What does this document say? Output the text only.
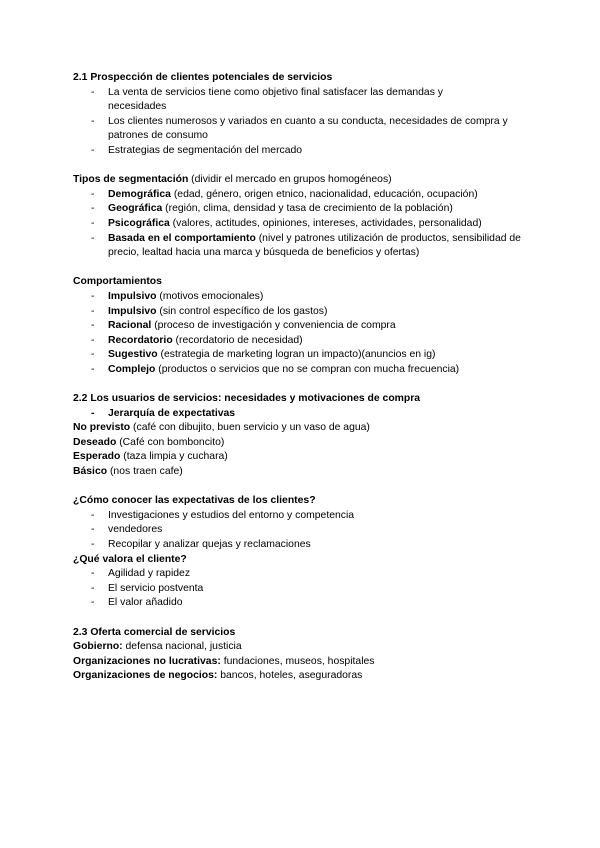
2.1 Prospección de clientes potenciales de servicios
- La venta de servicios tiene como objetivo final satisfacer las demandas y necesidades
- Los clientes numerosos y variados en cuanto a su conducta, necesidades de compra y patrones de consumo
- Estrategias de segmentación del mercado
Tipos de segmentación (dividir el mercado en grupos homogéneos)
- Demográfica (edad, género, origen etnico, nacionalidad, educación, ocupación)
- Geográfica (región, clima, densidad y tasa de crecimiento de la población)
- Psicográfica (valores, actitudes, opiniones, intereses, actividades, personalidad)
- Basada en el comportamiento (nivel y patrones utilización de productos, sensibilidad de precio, lealtad hacia una marca y búsqueda de beneficios y ofertas)
Comportamientos
- Impulsivo (motivos emocionales)
- Impulsivo (sin control específico de los gastos)
- Racional (proceso de investigación y conveniencia de compra
- Recordatorio (recordatorio de necesidad)
- Sugestivo (estrategia de marketing logran un impacto)(anuncios en ig)
- Complejo (productos o servicios que no se compran con mucha frecuencia)
2.2 Los usuarios de servicios: necesidades y motivaciones de compra
- Jerarquía de expectativas
No previsto (café con dibujito, buen servicio y un vaso de agua)
Deseado (Café con bomboncito)
Esperado (taza limpia y cuchara)
Básico (nos traen cafe)
¿Cómo conocer las expectativas de los clientes?
- Investigaciones y estudios del entorno y competencia
- vendedores
- Recopilar y analizar quejas y reclamaciones
¿Qué valora el cliente?
- Agilidad y rapidez
- El servicio postventa
- El valor añadido
2.3 Oferta comercial de servicios
Gobierno: defensa nacional, justicia
Organizaciones no lucrativas: fundaciones, museos, hospitales
Organizaciones de negocios: bancos, hoteles, aseguradoras
